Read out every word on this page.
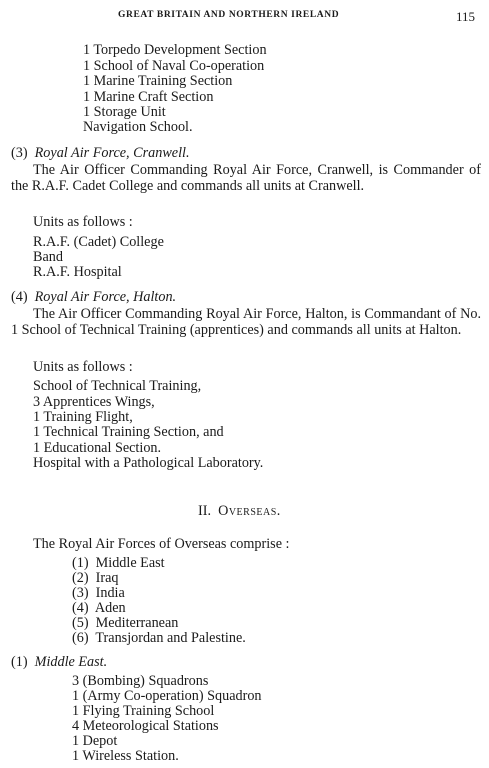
GREAT BRITAIN AND NORTHERN IRELAND	115
1 Torpedo Development Section
1 School of Naval Co-operation
1 Marine Training Section
1 Marine Craft Section
1 Storage Unit
Navigation School.
(3) Royal Air Force, Cranwell.
The Air Officer Commanding Royal Air Force, Cranwell, is Commander of the R.A.F. Cadet College and commands all units at Cranwell.
Units as follows :
R.A.F. (Cadet) College
Band
R.A.F. Hospital
(4) Royal Air Force, Halton.
The Air Officer Commanding Royal Air Force, Halton, is Commandant of No. 1 School of Technical Training (apprentices) and commands all units at Halton.
Units as follows :
School of Technical Training,
3 Apprentices Wings,
1 Training Flight,
1 Technical Training Section, and
1 Educational Section.
Hospital with a Pathological Laboratory.
II. Overseas.
The Royal Air Forces of Overseas comprise :
(1) Middle East
(2) Iraq
(3) India
(4) Aden
(5) Mediterranean
(6) Transjordan and Palestine.
(1) Middle East.
3 (Bombing) Squadrons
1 (Army Co-operation) Squadron
1 Flying Training School
4 Meteorological Stations
1 Depot
1 Wireless Station.
